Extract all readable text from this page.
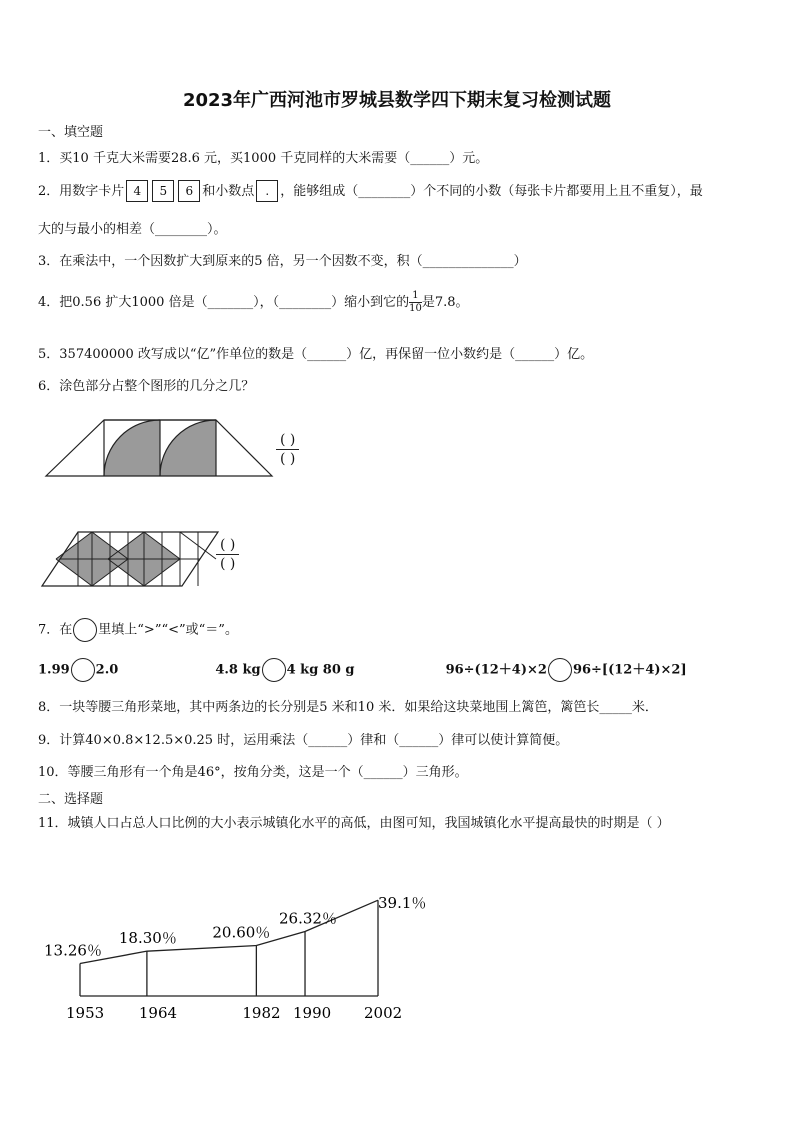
2023年广西河池市罗城县数学四下期末复习检测试题
一、填空题
1．买10 千克大米需要28.6 元，买1000 千克同样的大米需要（______）元。
2．用数字卡片 4 5 6 和小数点 . ，能够组成（________）个不同的小数（每张卡片都要用上且不重复），最
大的与最小的相差（________）。
3．在乘法中，一个因数扩大到原来的5 倍，另一个因数不变，积（______________）
4．把0.56 扩大1000 倍是（_______），（________）缩小到它的 $\frac{1}{10}$是7.8。
5．357400000 改写成以“亿”作单位的数是（______）亿，再保留一位小数约是（______）亿。
6．涂色部分占整个图形的几分之几？
( )
( )
( )
( )
7．在 里填上“>”“<”或“＝”。
1.99 2.0	4.8 kg 4 kg 80 g	96÷(12＋4)×2 96÷[(12＋4)×2]
8．一块等腰三角形菜地，其中两条边的长分别是5 米和10 米．如果给这块菜地围上篱笆，篱笆长_____米．
9．计算40×0.8×12.5×0.25 时，运用乘法（______）律和（______）律可以使计算简便。
10．等腰三角形有一个角是46°，按角分类，这是一个（______）三角形。
二、选择题
11．城镇人口占总人口比例的大小表示城镇化水平的高低，由图可知，我国城镇化水平提高最快的时期是（ ）
1953 1964	1982 1990 2002
13.26％
18.30％ 20.60％
26.32％
39.1％
